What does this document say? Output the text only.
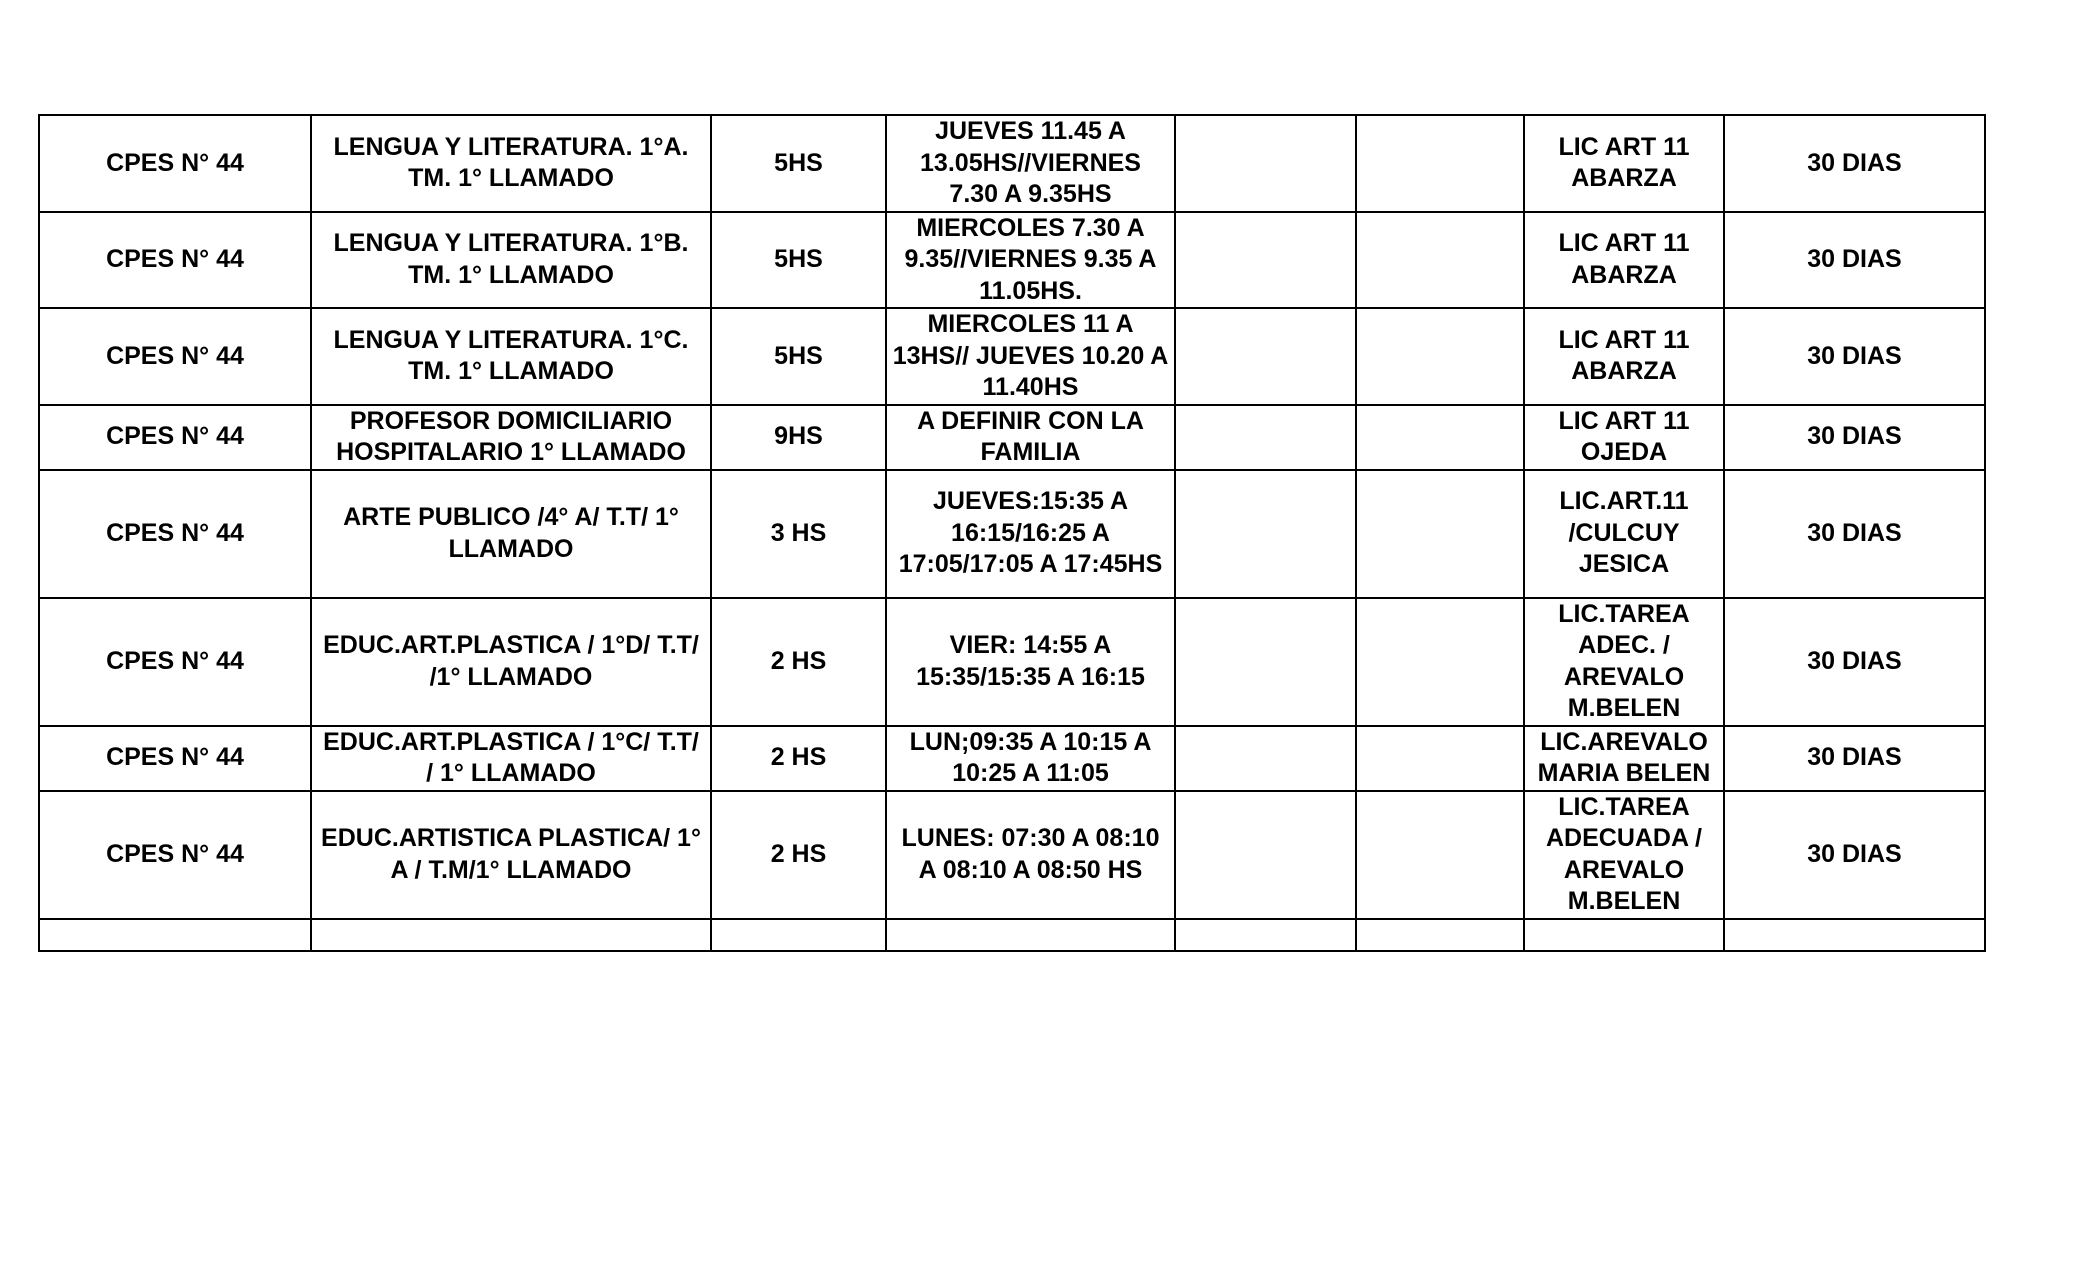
CPES N° 44	LENGUA Y LITERATURA. 1°A.
TM. 1° LLAMADO	5HS	JUEVES 11.45 A
13.05HS//VIERNES
7.30 A 9.35HS			LIC ART 11
ABARZA	30 DIAS
CPES N° 44	LENGUA Y LITERATURA. 1°B.
TM. 1° LLAMADO	5HS	MIERCOLES 7.30 A
9.35//VIERNES 9.35 A
11.05HS.			LIC ART 11
ABARZA	30 DIAS
CPES N° 44	LENGUA Y LITERATURA. 1°C.
TM. 1° LLAMADO	5HS	MIERCOLES 11 A
13HS// JUEVES 10.20 A
11.40HS			LIC ART 11
ABARZA	30 DIAS
CPES N° 44	PROFESOR DOMICILIARIO
HOSPITALARIO 1° LLAMADO	9HS	A DEFINIR CON LA
FAMILIA			LIC ART 11
OJEDA	30 DIAS
CPES N° 44	ARTE PUBLICO /4° A/ T.T/ 1°
LLAMADO	3 HS	JUEVES:15:35 A
16:15/16:25 A
17:05/17:05 A 17:45HS			LIC.ART.11
/CULCUY
JESICA	30 DIAS
CPES N° 44	EDUC.ART.PLASTICA / 1°D/ T.T/
/1° LLAMADO	2 HS	VIER: 14:55 A
15:35/15:35 A 16:15			LIC.TAREA
ADEC. /
AREVALO
M.BELEN	30 DIAS
CPES N° 44	EDUC.ART.PLASTICA / 1°C/ T.T/
/ 1° LLAMADO	2 HS	LUN;09:35 A 10:15 A
10:25 A 11:05			LIC.AREVALO
MARIA BELEN	30 DIAS
CPES N° 44	EDUC.ARTISTICA PLASTICA/ 1°
A / T.M/1° LLAMADO	2 HS	LUNES: 07:30 A 08:10
A 08:10 A 08:50 HS			LIC.TAREA
ADECUADA /
AREVALO
M.BELEN	30 DIAS
